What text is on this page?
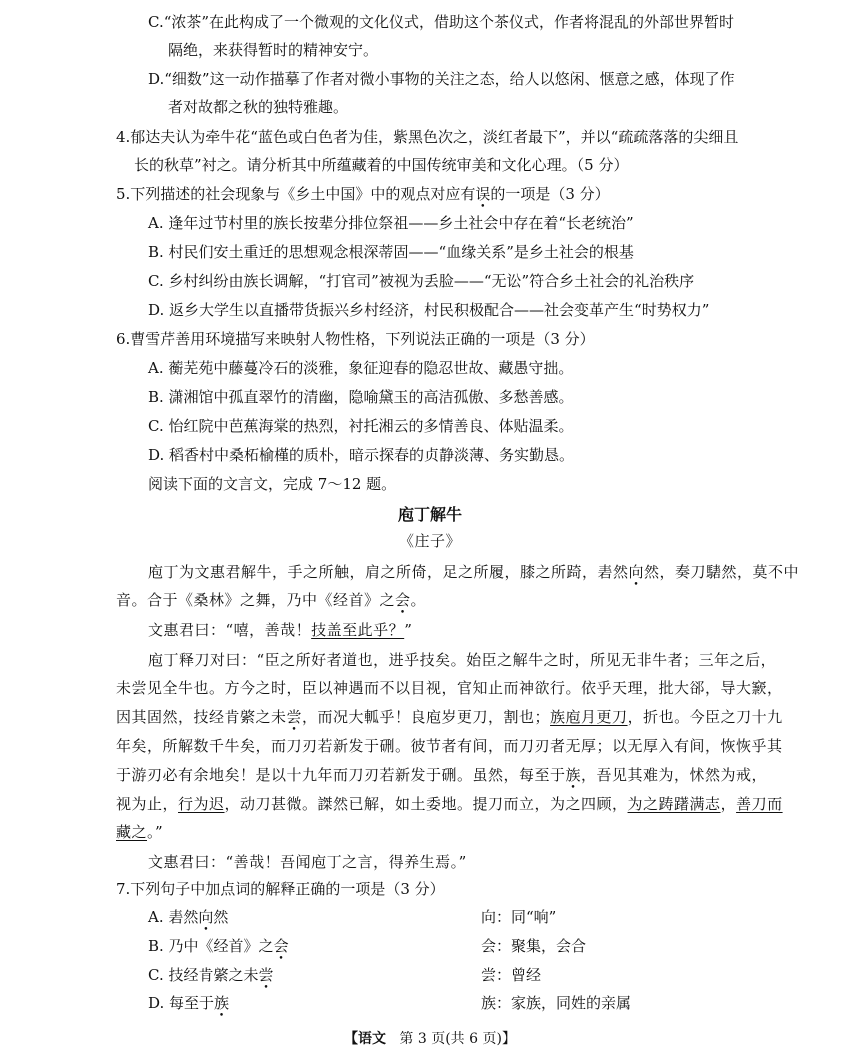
C.“浓茶”在此构成了一个微观的文化仪式，借助这个茶仪式，作者将混乱的外部世界暂时
隔绝，来获得暂时的精神安宁。
D.“细数”这一动作描摹了作者对微小事物的关注之态，给人以悠闲、惬意之感，体现了作
者对故都之秋的独特雅趣。
4.郁达夫认为牵牛花“蓝色或白色者为佳，紫黑色次之，淡红者最下”，并以“疏疏落落的尖细且
长的秋草”衬之。请分析其中所蕴藏着的中国传统审美和文化心理。（5 分）
5.下列描述的社会现象与《乡土中国》中的观点对应有误的一项是（3 分）
A. 逢年过节村里的族长按辈分排位祭祖——乡土社会中存在着“长老统治”
B. 村民们安土重迁的思想观念根深蒂固——“血缘关系”是乡土社会的根基
C. 乡村纠纷由族长调解，“打官司”被视为丢脸——“无讼”符合乡土社会的礼治秩序
D. 返乡大学生以直播带货振兴乡村经济，村民积极配合——社会变革产生“时势权力”
6.曹雪芹善用环境描写来映射人物性格，下列说法正确的一项是（3 分）
A. 蘅芜苑中藤蔓冷石的淡雅，象征迎春的隐忍世故、藏愚守拙。
B. 潇湘馆中孤直翠竹的清幽，隐喻黛玉的高洁孤傲、多愁善感。
C. 怡红院中芭蕉海棠的热烈，衬托湘云的多情善良、体贴温柔。
D. 稻香村中桑柘榆槿的质朴，暗示探春的贞静淡薄、务实勤恳。
阅读下面的文言文，完成 7～12 题。
庖丁解牛
《庄子》
庖丁为文惠君解牛，手之所触，肩之所倚，足之所履，膝之所踦，砉然向然，奏刀騞然，莫不中
音。合于《桑林》之舞，乃中《经首》之会。
文惠君曰：“嘻，善哉！技盖至此乎？”
庖丁释刀对曰：“臣之所好者道也，进乎技矣。始臣之解牛之时，所见无非牛者；三年之后，
未尝见全牛也。方今之时，臣以神遇而不以目视，官知止而神欲行。依乎天理，批大郤，导大窾，
因其固然，技经肯綮之未尝，而况大軱乎！良庖岁更刀，割也；族庖月更刀，折也。今臣之刀十九
年矣，所解数千牛矣，而刀刃若新发于硎。彼节者有间，而刀刃者无厚；以无厚入有间，恢恢乎其
于游刃必有余地矣！是以十九年而刀刃若新发于硎。虽然，每至于族，吾见其难为，怵然为戒，
视为止，行为迟，动刀甚微。謋然已解，如土委地。提刀而立，为之四顾，为之踌躇满志，善刀而
藏之。”
文惠君曰：“善哉！吾闻庖丁之言，得养生焉。”
7.下列句子中加点词的解释正确的一项是（3 分）
A. 砉然向然	向：同“响”
B. 乃中《经首》之会	会：聚集，会合
C. 技经肯綮之未尝	尝：曾经
D. 每至于族	族：家族，同姓的亲属
【语文 第 3 页(共 6 页)】
